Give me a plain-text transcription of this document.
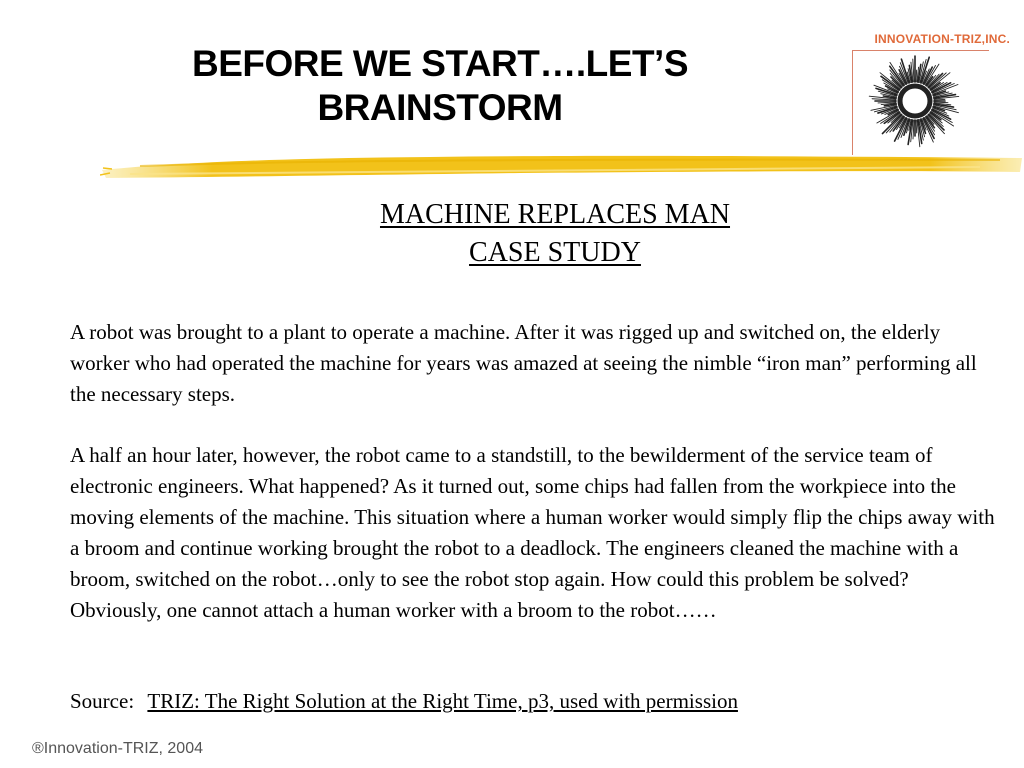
BEFORE WE START….LET’S
BRAINSTORM
INNOVATION-TRIZ,INC.
MACHINE REPLACES MAN
CASE STUDY

A robot was brought to a plant to operate a machine. After it was rigged up and switched on, the elderly worker who had operated the machine for years was amazed at seeing the nimble “iron man” performing all the necessary steps.

A half an hour later, however, the robot came to a standstill, to the bewilderment of the service team of electronic engineers. What happened? As it turned out, some chips had fallen from the workpiece into the moving elements of the machine. This situation where a human worker would simply flip the chips away with a broom and continue working brought the robot to a deadlock. The engineers cleaned the machine with a broom, switched on the robot…only to see the robot stop again. How could this problem be solved? Obviously, one cannot attach a human worker with a broom to the robot……

Source: TRIZ: The Right Solution at the Right Time, p3, used with permission
®Innovation-TRIZ, 2004
